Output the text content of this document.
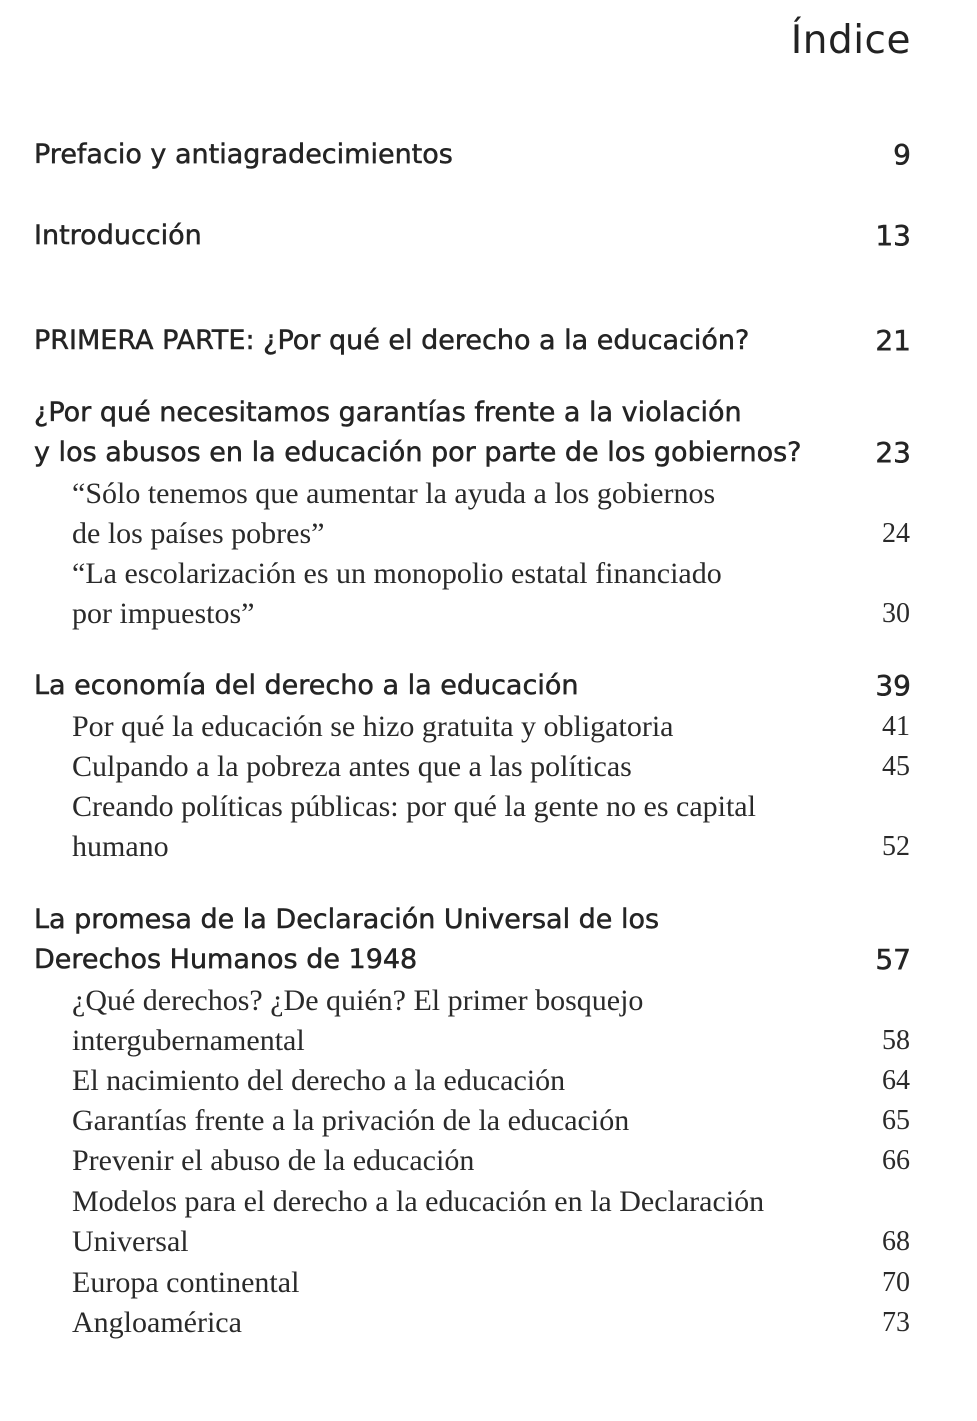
Índice
Prefacio y antiagradecimientos	9
Introducción	13
PRIMERA PARTE: ¿Por qué el derecho a la educación?	21
¿Por qué necesitamos garantías frente a la violación
y los abusos en la educación por parte de los gobiernos?	23
“Sólo tenemos que aumentar la ayuda a los gobiernos
de los países pobres”	24
“La escolarización es un monopolio estatal financiado
por impuestos”	30
La economía del derecho a la educación	39
Por qué la educación se hizo gratuita y obligatoria	41
Culpando a la pobreza antes que a las políticas	45
Creando políticas públicas: por qué la gente no es capital
humano	52
La promesa de la Declaración Universal de los
Derechos Humanos de 1948	57
¿Qué derechos? ¿De quién? El primer bosquejo
intergubernamental	58
El nacimiento del derecho a la educación	64
Garantías frente a la privación de la educación	65
Prevenir el abuso de la educación	66
Modelos para el derecho a la educación en la Declaración
Universal	68
Europa continental	70
Angloamérica	73
